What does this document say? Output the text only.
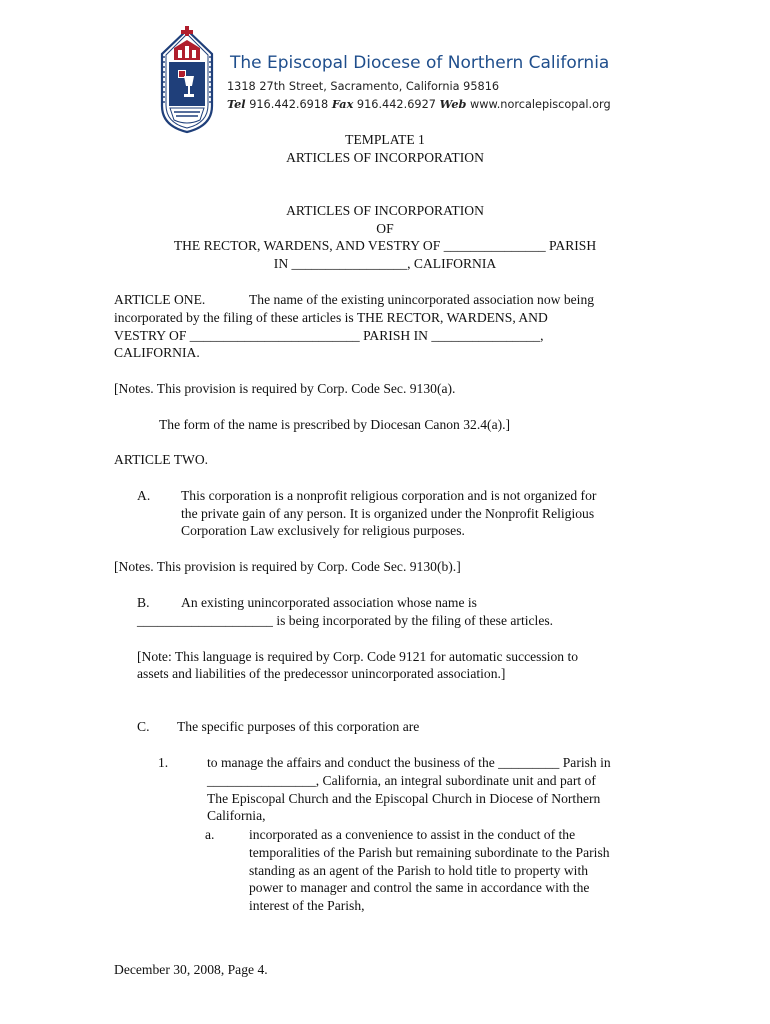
The Episcopal Diocese of Northern California
1318 27th Street, Sacramento, California 95816
Tel 916.442.6918 Fax 916.442.6927 Web www.norcalepiscopal.org
TEMPLATE 1
ARTICLES OF INCORPORATION
ARTICLES OF INCORPORATION
OF
THE RECTOR, WARDENS, AND VESTRY OF _______________ PARISH
IN _________________, CALIFORNIA
ARTICLE ONE.	The name of the existing unincorporated association now being
incorporated by the filing of these articles is THE RECTOR, WARDENS, AND
VESTRY OF _________________________ PARISH IN ________________,
CALIFORNIA.
[Notes. This provision is required by Corp. Code Sec. 9130(a).
The form of the name is prescribed by Diocesan Canon 32.4(a).]
ARTICLE TWO.
A. This corporation is a nonprofit religious corporation and is not organized for
the private gain of any person. It is organized under the Nonprofit Religious
Corporation Law exclusively for religious purposes.
[Notes. This provision is required by Corp. Code Sec. 9130(b).]
B. An existing unincorporated association whose name is
____________________ is being incorporated by the filing of these articles.
[Note: This language is required by Corp. Code 9121 for automatic succession to
assets and liabilities of the predecessor unincorporated association.]
C. The specific purposes of this corporation are
1.	to manage the affairs and conduct the business of the _________ Parish in
________________, California, an integral subordinate unit and part of
The Episcopal Church and the Episcopal Church in Diocese of Northern
California,
a.	incorporated as a convenience to assist in the conduct of the
temporalities of the Parish but remaining subordinate to the Parish
standing as an agent of the Parish to hold title to property with
power to manager and control the same in accordance with the
interest of the Parish,
December 30, 2008, Page 4.
